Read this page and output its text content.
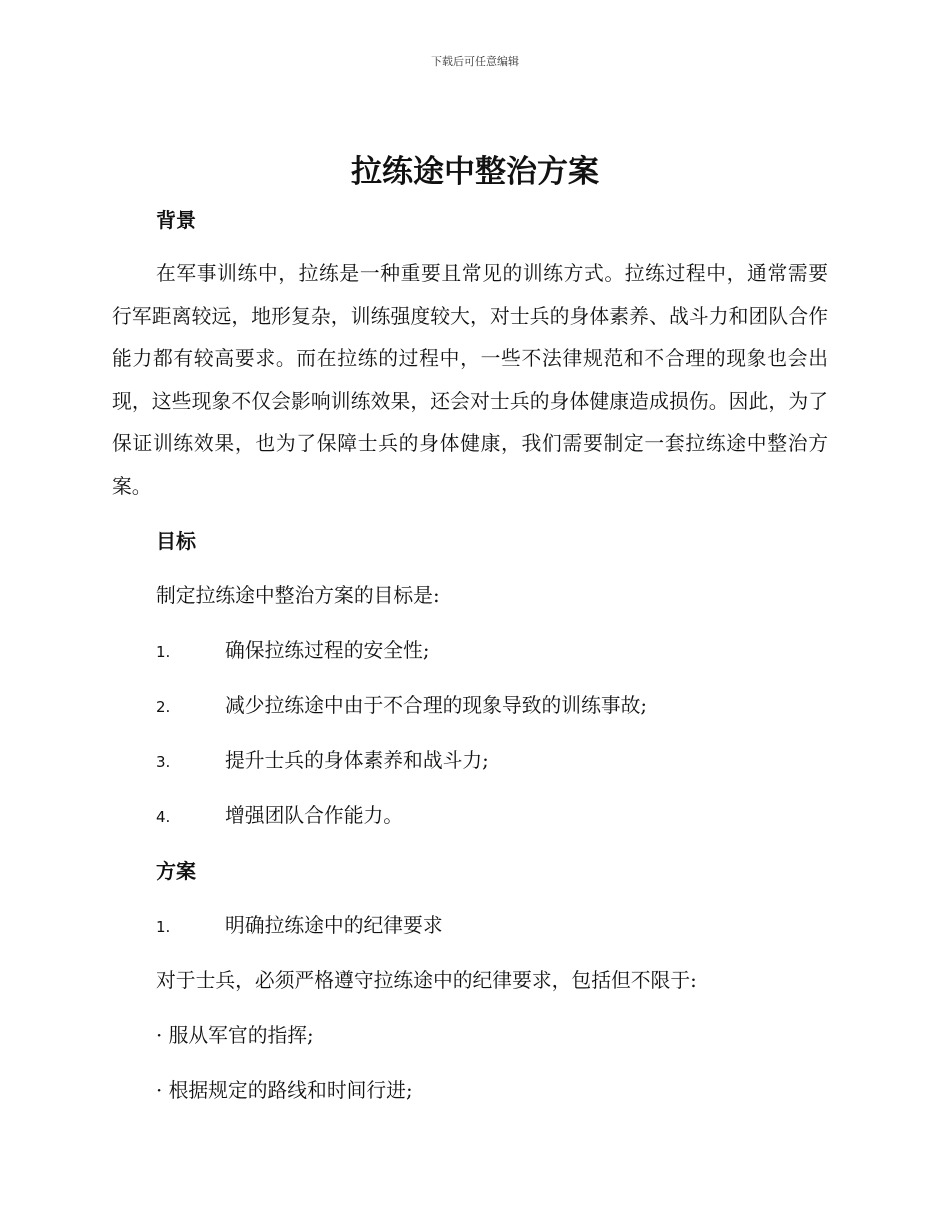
下载后可任意编辑
拉练途中整治方案
背景

在军事训练中，拉练是一种重要且常见的训练方式。拉练过程中，通常需要行军距离较远，地形复杂，训练强度较大，对士兵的身体素养、战斗力和团队合作能力都有较高要求。而在拉练的过程中，一些不法律规范和不合理的现象也会出现，这些现象不仅会影响训练效果，还会对士兵的身体健康造成损伤。因此，为了保证训练效果，也为了保障士兵的身体健康，我们需要制定一套拉练途中整治方案。

目标

制定拉练途中整治方案的目标是:

1.	确保拉练过程的安全性;
2.	减少拉练途中由于不合理的现象导致的训练事故;
3.	提升士兵的身体素养和战斗力;
4.	增强团队合作能力。
方案
1.	明确拉练途中的纪律要求

对于士兵，必须严格遵守拉练途中的纪律要求，包括但不限于:

· 服从军官的指挥;

· 根据规定的路线和时间行进;
